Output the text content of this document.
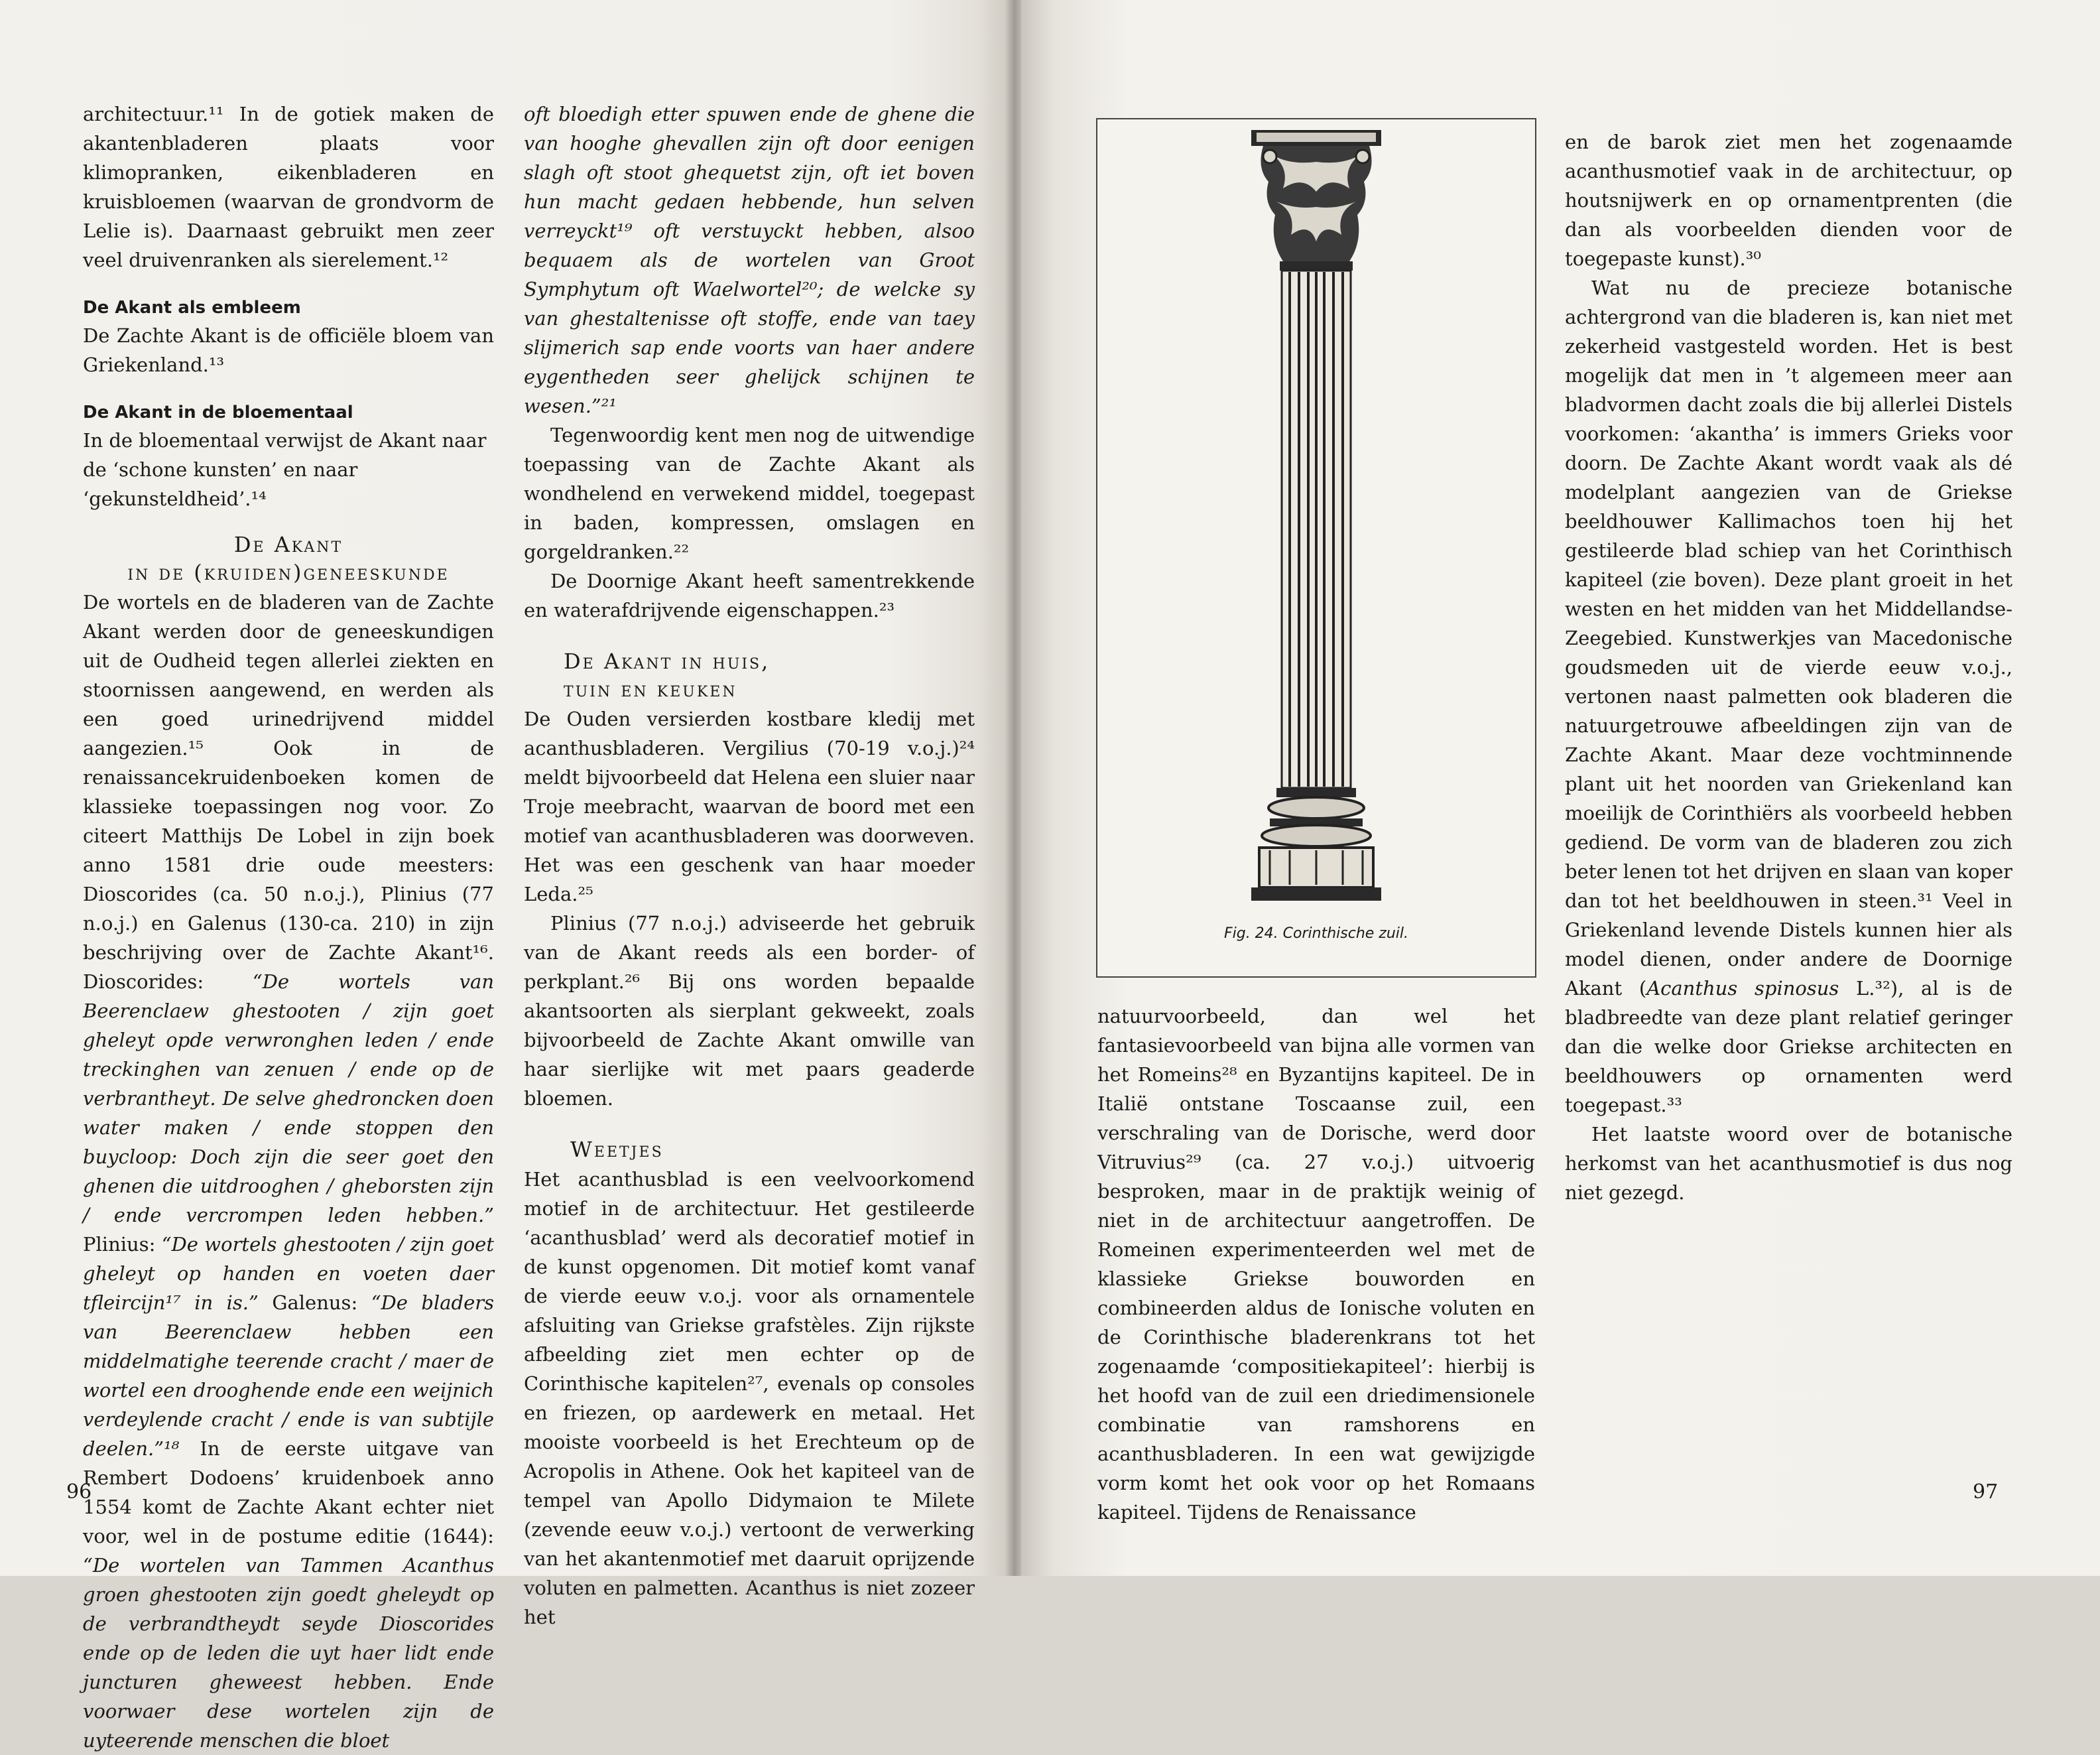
architectuur.¹¹ In de gotiek maken de akantenbladeren plaats voor klimopranken, eikenbladeren en kruisbloemen (waarvan de grondvorm de Lelie is). Daarnaast gebruikt men zeer veel druivenranken als sierelement.¹²

De Akant als embleem

De Zachte Akant is de officiële bloem van Griekenland.¹³

De Akant in de bloementaal

In de bloementaal verwijst de Akant naar de ‘schone kunsten’ en naar ‘gekunsteldheid’.¹⁴

De Akant
in de (kruiden)geneeskunde

De wortels en de bladeren van de Zachte Akant werden door de geneeskundigen uit de Oudheid tegen allerlei ziekten en stoornissen aangewend, en werden als een goed urinedrijvend middel aangezien.¹⁵ Ook in de renaissancekruidenboeken komen de klassieke toepassingen nog voor. Zo citeert Matthijs De Lobel in zijn boek anno 1581 drie oude meesters: Dioscorides (ca. 50 n.o.j.), Plinius (77 n.o.j.) en Galenus (130-ca. 210) in zijn beschrijving over de Zachte Akant¹⁶. Dioscorides: “De wortels van Beerenclaew ghestooten / zijn goet gheleyt opde verwronghen leden / ende treckinghen van zenuen / ende op de verbrantheyt. De selve ghedroncken doen water maken / ende stoppen den buycloop: Doch zijn die seer goet den ghenen die uitdrooghen / gheborsten zijn / ende vercrompen leden hebben.” Plinius: “De wortels ghestooten / zijn goet gheleyt op handen en voeten daer tfleircijn¹⁷ in is.” Galenus: “De bladers van Beerenclaew hebben een middelmatighe teerende cracht / maer de wortel een drooghende ende een weijnich verdeylende cracht / ende is van subtijle deelen.”¹⁸ In de eerste uitgave van Rembert Dodoens’ kruidenboek anno 1554 komt de Zachte Akant echter niet voor, wel in de postume editie (1644): “De wortelen van Tammen Acanthus groen ghestooten zijn goedt gheleydt op de verbrandtheydt seyde Dioscorides ende op de leden die uyt haer lidt ende juncturen gheweest hebben. Ende voorwaer dese wortelen zijn de uyteerende menschen die bloet

oft bloedigh etter spuwen ende de ghene die van hooghe ghevallen zijn oft door eenigen slagh oft stoot ghequetst zijn, oft iet boven hun macht gedaen hebbende, hun selven verreyckt¹⁹ oft verstuyckt hebben, alsoo bequaem als de wortelen van Groot Symphytum oft Waelwortel²⁰; de welcke sy van ghestaltenisse oft stoffe, ende van taey slijmerich sap ende voorts van haer andere eygentheden seer ghelijck schijnen te wesen.”²¹

Tegenwoordig kent men nog de uitwendige toepassing van de Zachte Akant als wondhelend en verwekend middel, toegepast in baden, kompressen, omslagen en gorgeldranken.²²

De Doornige Akant heeft samentrekkende en waterafdrijvende eigenschappen.²³

De Akant in huis,
tuin en keuken

De Ouden versierden kostbare kledij met acanthusbladeren. Vergilius (70-19 v.o.j.)²⁴ meldt bijvoorbeeld dat Helena een sluier naar Troje meebracht, waarvan de boord met een motief van acanthusbladeren was doorweven. Het was een geschenk van haar moeder Leda.²⁵

Plinius (77 n.o.j.) adviseerde het gebruik van de Akant reeds als een border- of perkplant.²⁶ Bij ons worden bepaalde akantsoorten als sierplant gekweekt, zoals bijvoorbeeld de Zachte Akant omwille van haar sierlijke wit met paars geaderde bloemen.

Weetjes

Het acanthusblad is een veelvoorkomend motief in de architectuur. Het gestileerde ‘acanthusblad’ werd als decoratief motief in de kunst opgenomen. Dit motief komt vanaf de vierde eeuw v.o.j. voor als ornamentele afsluiting van Griekse grafstèles. Zijn rijkste afbeelding ziet men echter op de Corinthische kapitelen²⁷, evenals op consoles en friezen, op aardewerk en metaal. Het mooiste voorbeeld is het Erechteum op de Acropolis in Athene. Ook het kapiteel van de tempel van Apollo Didymaion te Milete (zevende eeuw v.o.j.) vertoont de verwerking van het akantenmotief met daaruit oprijzende voluten en palmetten. Acanthus is niet zozeer het

96	97
Fig. 24. Corinthische zuil.

natuurvoorbeeld, dan wel het fantasievoorbeeld van bijna alle vormen van het Romeins²⁸ en Byzantijns kapiteel. De in Italië ontstane Toscaanse zuil, een verschraling van de Dorische, werd door Vitruvius²⁹ (ca. 27 v.o.j.) uitvoerig besproken, maar in de praktijk weinig of niet in de architectuur aangetroffen. De Romeinen experimenteerden wel met de klassieke Griekse bouworden en combineerden aldus de Ionische voluten en de Corinthische bladerenkrans tot het zogenaamde ‘compositiekapiteel’: hierbij is het hoofd van de zuil een driedimensionele combinatie van ramshorens en acanthusbladeren. In een wat gewijzigde vorm komt het ook voor op het Romaans kapiteel. Tijdens de Renaissance

en de barok ziet men het zogenaamde acanthusmotief vaak in de architectuur, op houtsnijwerk en op ornamentprenten (die dan als voorbeelden dienden voor de toegepaste kunst).³⁰

Wat nu de precieze botanische achtergrond van die bladeren is, kan niet met zekerheid vastgesteld worden. Het is best mogelijk dat men in ’t algemeen meer aan bladvormen dacht zoals die bij allerlei Distels voorkomen: ‘akantha’ is immers Grieks voor doorn. De Zachte Akant wordt vaak als dé modelplant aangezien van de Griekse beeldhouwer Kallimachos toen hij het gestileerde blad schiep van het Corinthisch kapiteel (zie boven). Deze plant groeit in het westen en het midden van het Middellandse-Zeegebied. Kunstwerkjes van Macedonische goudsmeden uit de vierde eeuw v.o.j., vertonen naast palmetten ook bladeren die natuurgetrouwe afbeeldingen zijn van de Zachte Akant. Maar deze vochtminnende plant uit het noorden van Griekenland kan moeilijk de Corinthiërs als voorbeeld hebben gediend. De vorm van de bladeren zou zich beter lenen tot het drijven en slaan van koper dan tot het beeldhouwen in steen.³¹ Veel in Griekenland levende Distels kunnen hier als model dienen, onder andere de Doornige Akant (Acanthus spinosus L.³²), al is de bladbreedte van deze plant relatief geringer dan die welke door Griekse architecten en beeldhouwers op ornamenten werd toegepast.³³

Het laatste woord over de botanische herkomst van het acanthusmotief is dus nog niet gezegd.
